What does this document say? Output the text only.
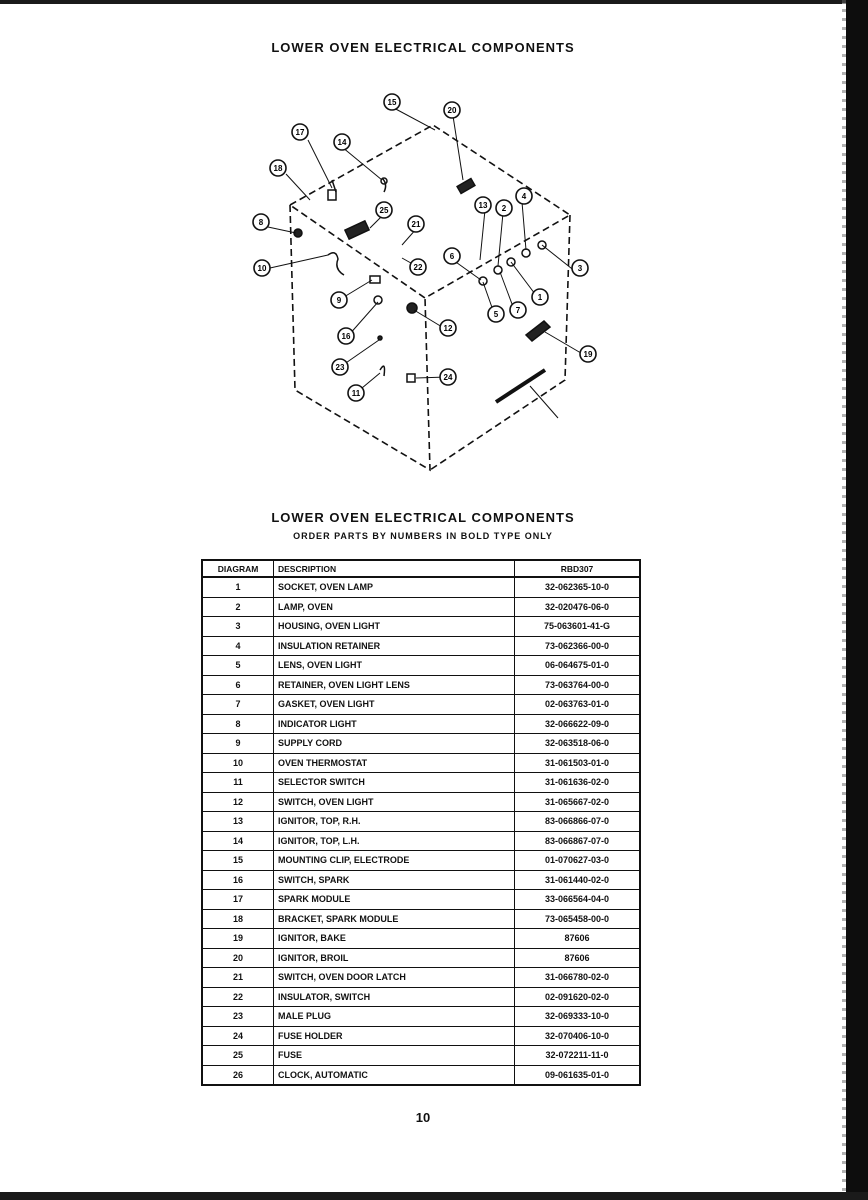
LOWER OVEN ELECTRICAL COMPONENTS
15
20
17
14
18
8
25
21
13 2
4
22
10
6
3
9	1
16
7
5
12
19
23
24
11
LOWER OVEN ELECTRICAL COMPONENTS
ORDER PARTS BY NUMBERS IN BOLD TYPE ONLY
DIAGRAM	DESCRIPTION	RBD307
1	SOCKET, OVEN LAMP	32-062365-10-0
2	LAMP, OVEN	32-020476-06-0
3	HOUSING, OVEN LIGHT	75-063601-41-G
4	INSULATION RETAINER	73-062366-00-0
5	LENS, OVEN LIGHT	06-064675-01-0
6	RETAINER, OVEN LIGHT LENS	73-063764-00-0
7	GASKET, OVEN LIGHT	02-063763-01-0
8	INDICATOR LIGHT	32-066622-09-0
9	SUPPLY CORD	32-063518-06-0
10	OVEN THERMOSTAT	31-061503-01-0
11	SELECTOR SWITCH	31-061636-02-0
12	SWITCH, OVEN LIGHT	31-065667-02-0
13	IGNITOR, TOP, R.H.	83-066866-07-0
14	IGNITOR, TOP, L.H.	83-066867-07-0
15	MOUNTING CLIP, ELECTRODE	01-070627-03-0
16	SWITCH, SPARK	31-061440-02-0
17	SPARK MODULE	33-066564-04-0
18	BRACKET, SPARK MODULE	73-065458-00-0
19	IGNITOR, BAKE	87606
20	IGNITOR, BROIL	87606
21	SWITCH, OVEN DOOR LATCH	31-066780-02-0
22	INSULATOR, SWITCH	02-091620-02-0
23	MALE PLUG	32-069333-10-0
24	FUSE HOLDER	32-070406-10-0
25	FUSE	32-072211-11-0
26	CLOCK, AUTOMATIC	09-061635-01-0
10
